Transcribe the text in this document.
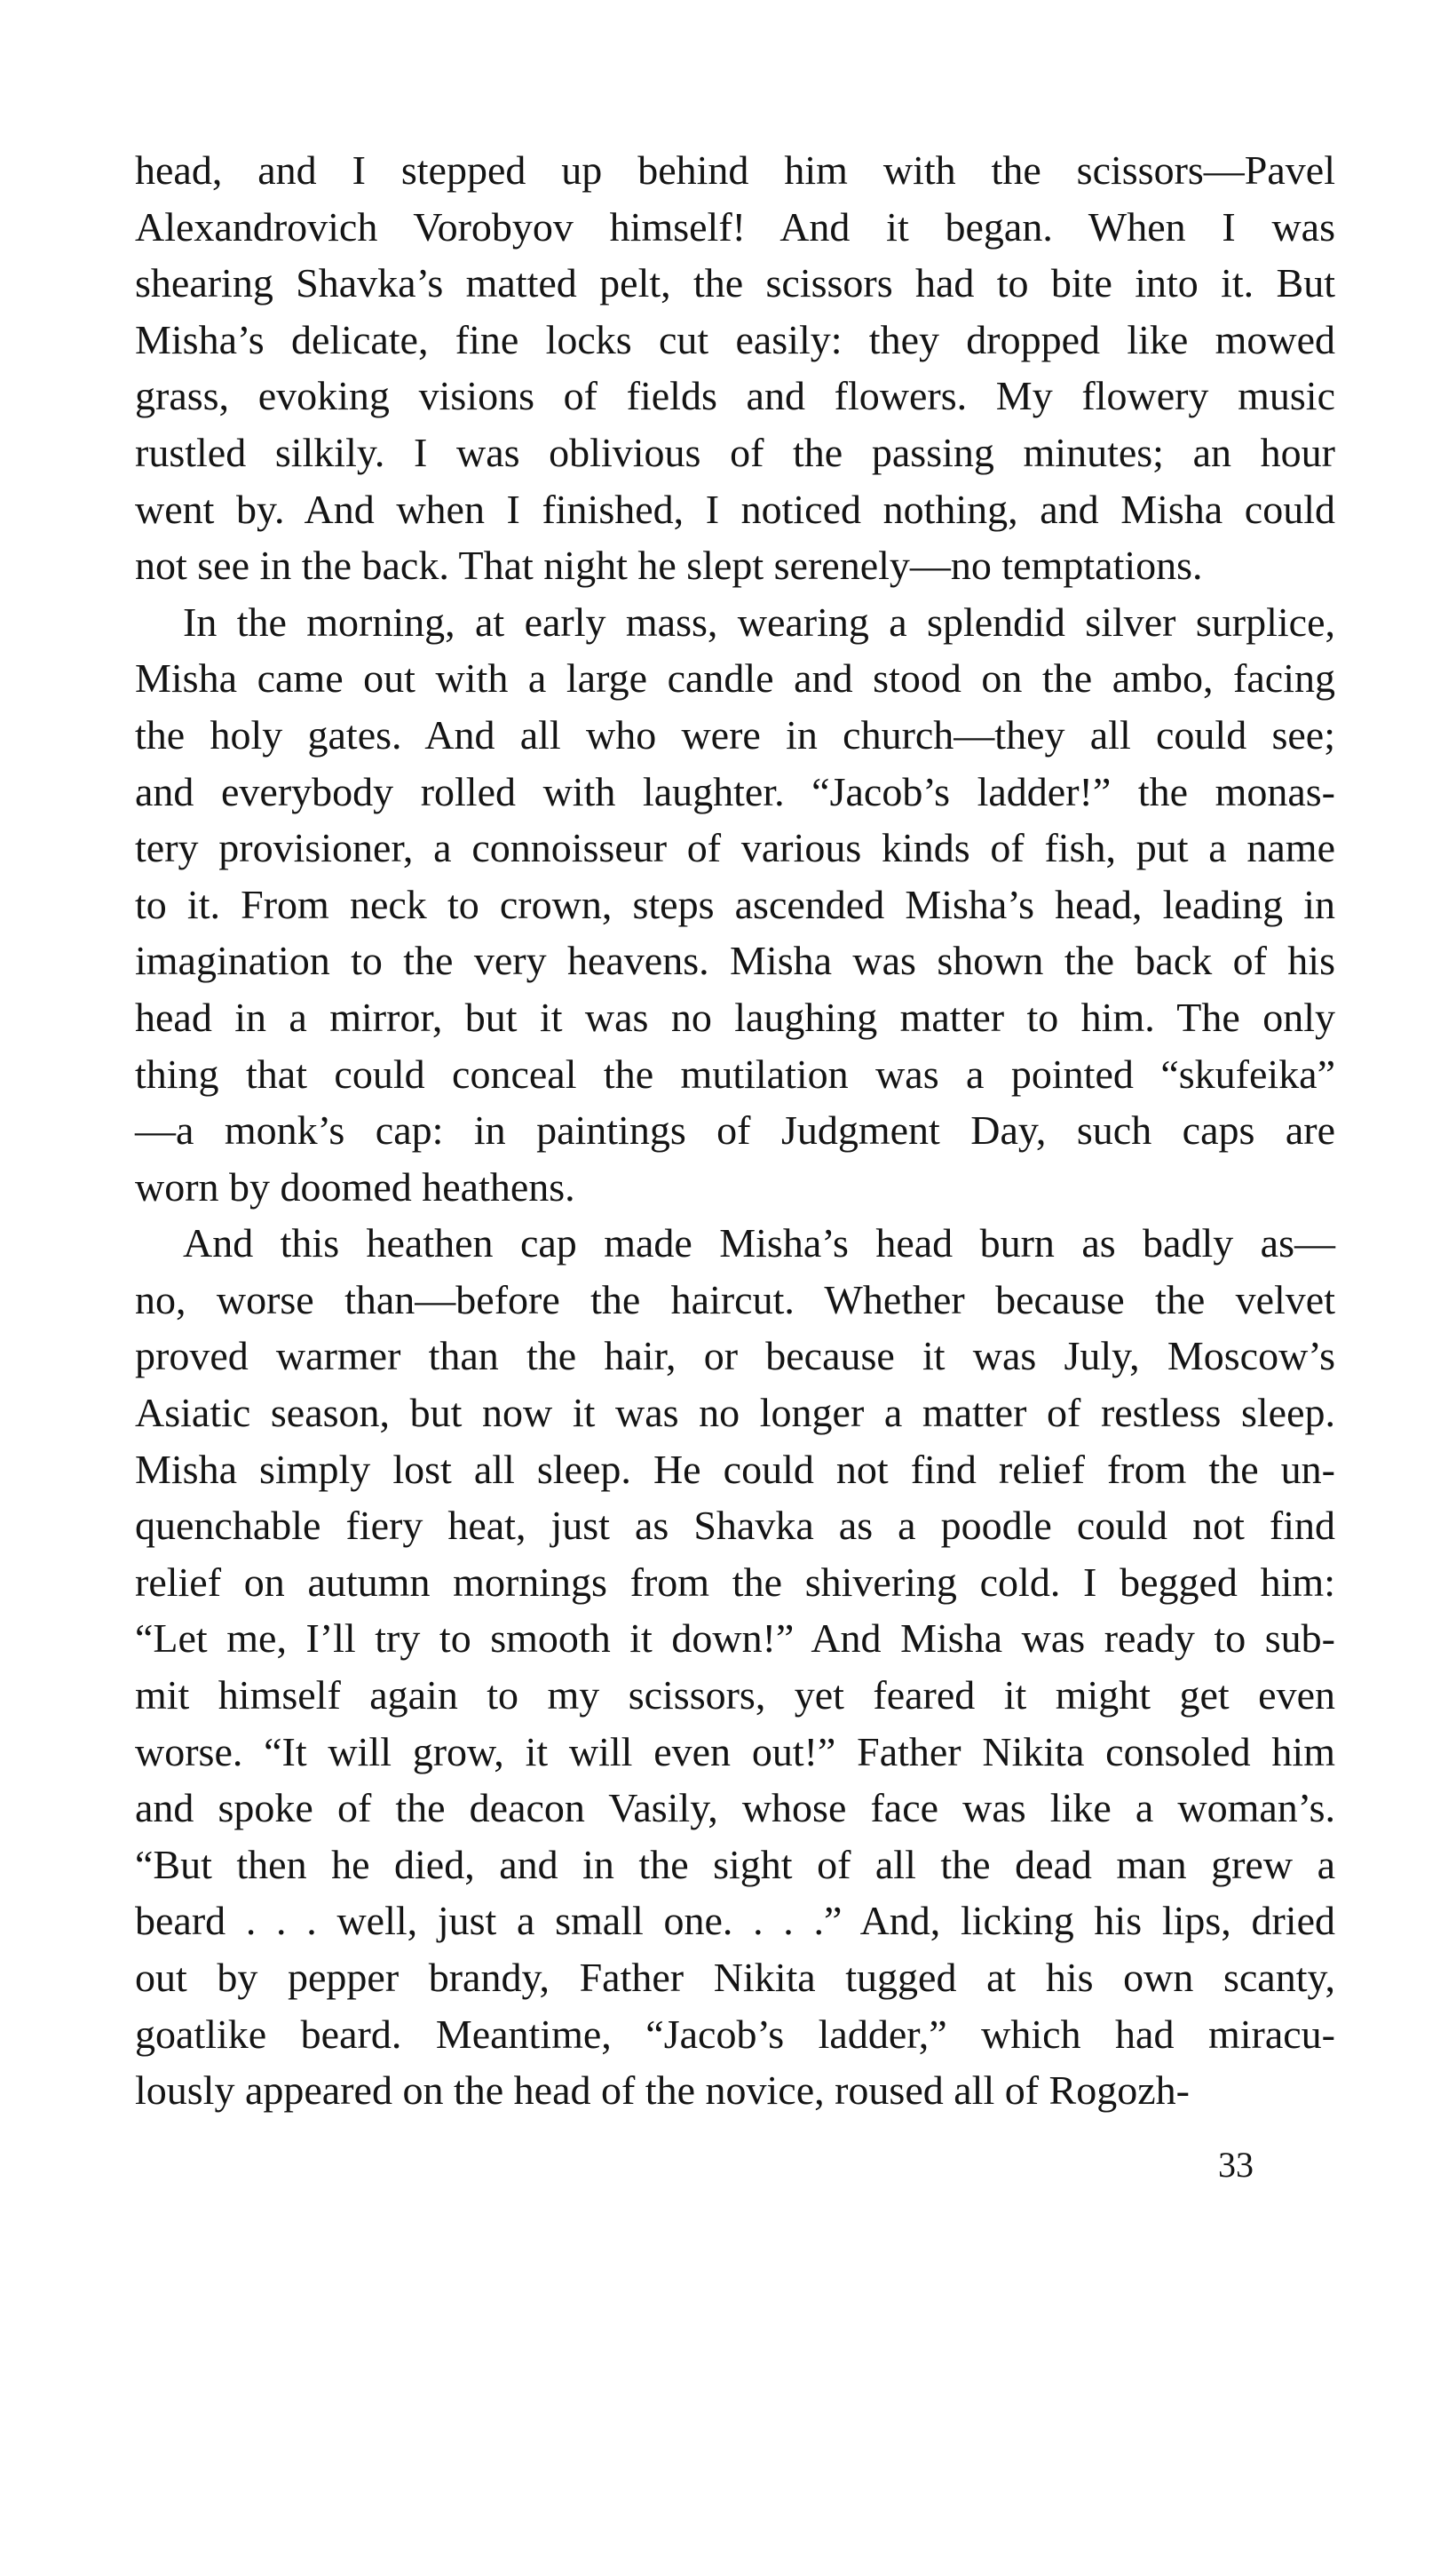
head, and I stepped up behind him with the scissors—Pavel
Alexandrovich Vorobyov himself! And it began. When I was
shearing Shavka’s matted pelt, the scissors had to bite into it. But
Misha’s delicate, fine locks cut easily: they dropped like mowed
grass, evoking visions of fields and flowers. My flowery music
rustled silkily. I was oblivious of the passing minutes; an hour
went by. And when I finished, I noticed nothing, and Misha could
not see in the back. That night he slept serenely—no temptations.
In the morning, at early mass, wearing a splendid silver surplice,
Misha came out with a large candle and stood on the ambo, facing
the holy gates. And all who were in church—they all could see;
and everybody rolled with laughter. “Jacob’s ladder!” the monas-
tery provisioner, a connoisseur of various kinds of fish, put a name
to it. From neck to crown, steps ascended Misha’s head, leading in
imagination to the very heavens. Misha was shown the back of his
head in a mirror, but it was no laughing matter to him. The only
thing that could conceal the mutilation was a pointed “skufeika”
—a monk’s cap: in paintings of Judgment Day, such caps are
worn by doomed heathens.
And this heathen cap made Misha’s head burn as badly as—
no, worse than—before the haircut. Whether because the velvet
proved warmer than the hair, or because it was July, Moscow’s
Asiatic season, but now it was no longer a matter of restless sleep.
Misha simply lost all sleep. He could not find relief from the un-
quenchable fiery heat, just as Shavka as a poodle could not find
relief on autumn mornings from the shivering cold. I begged him:
“Let me, I’ll try to smooth it down!” And Misha was ready to sub-
mit himself again to my scissors, yet feared it might get even
worse. “It will grow, it will even out!” Father Nikita consoled him
and spoke of the deacon Vasily, whose face was like a woman’s.
“But then he died, and in the sight of all the dead man grew a
beard . . . well, just a small one. . . .” And, licking his lips, dried
out by pepper brandy, Father Nikita tugged at his own scanty,
goatlike beard. Meantime, “Jacob’s ladder,” which had miracu-
lously appeared on the head of the novice, roused all of Rogozh-
33
